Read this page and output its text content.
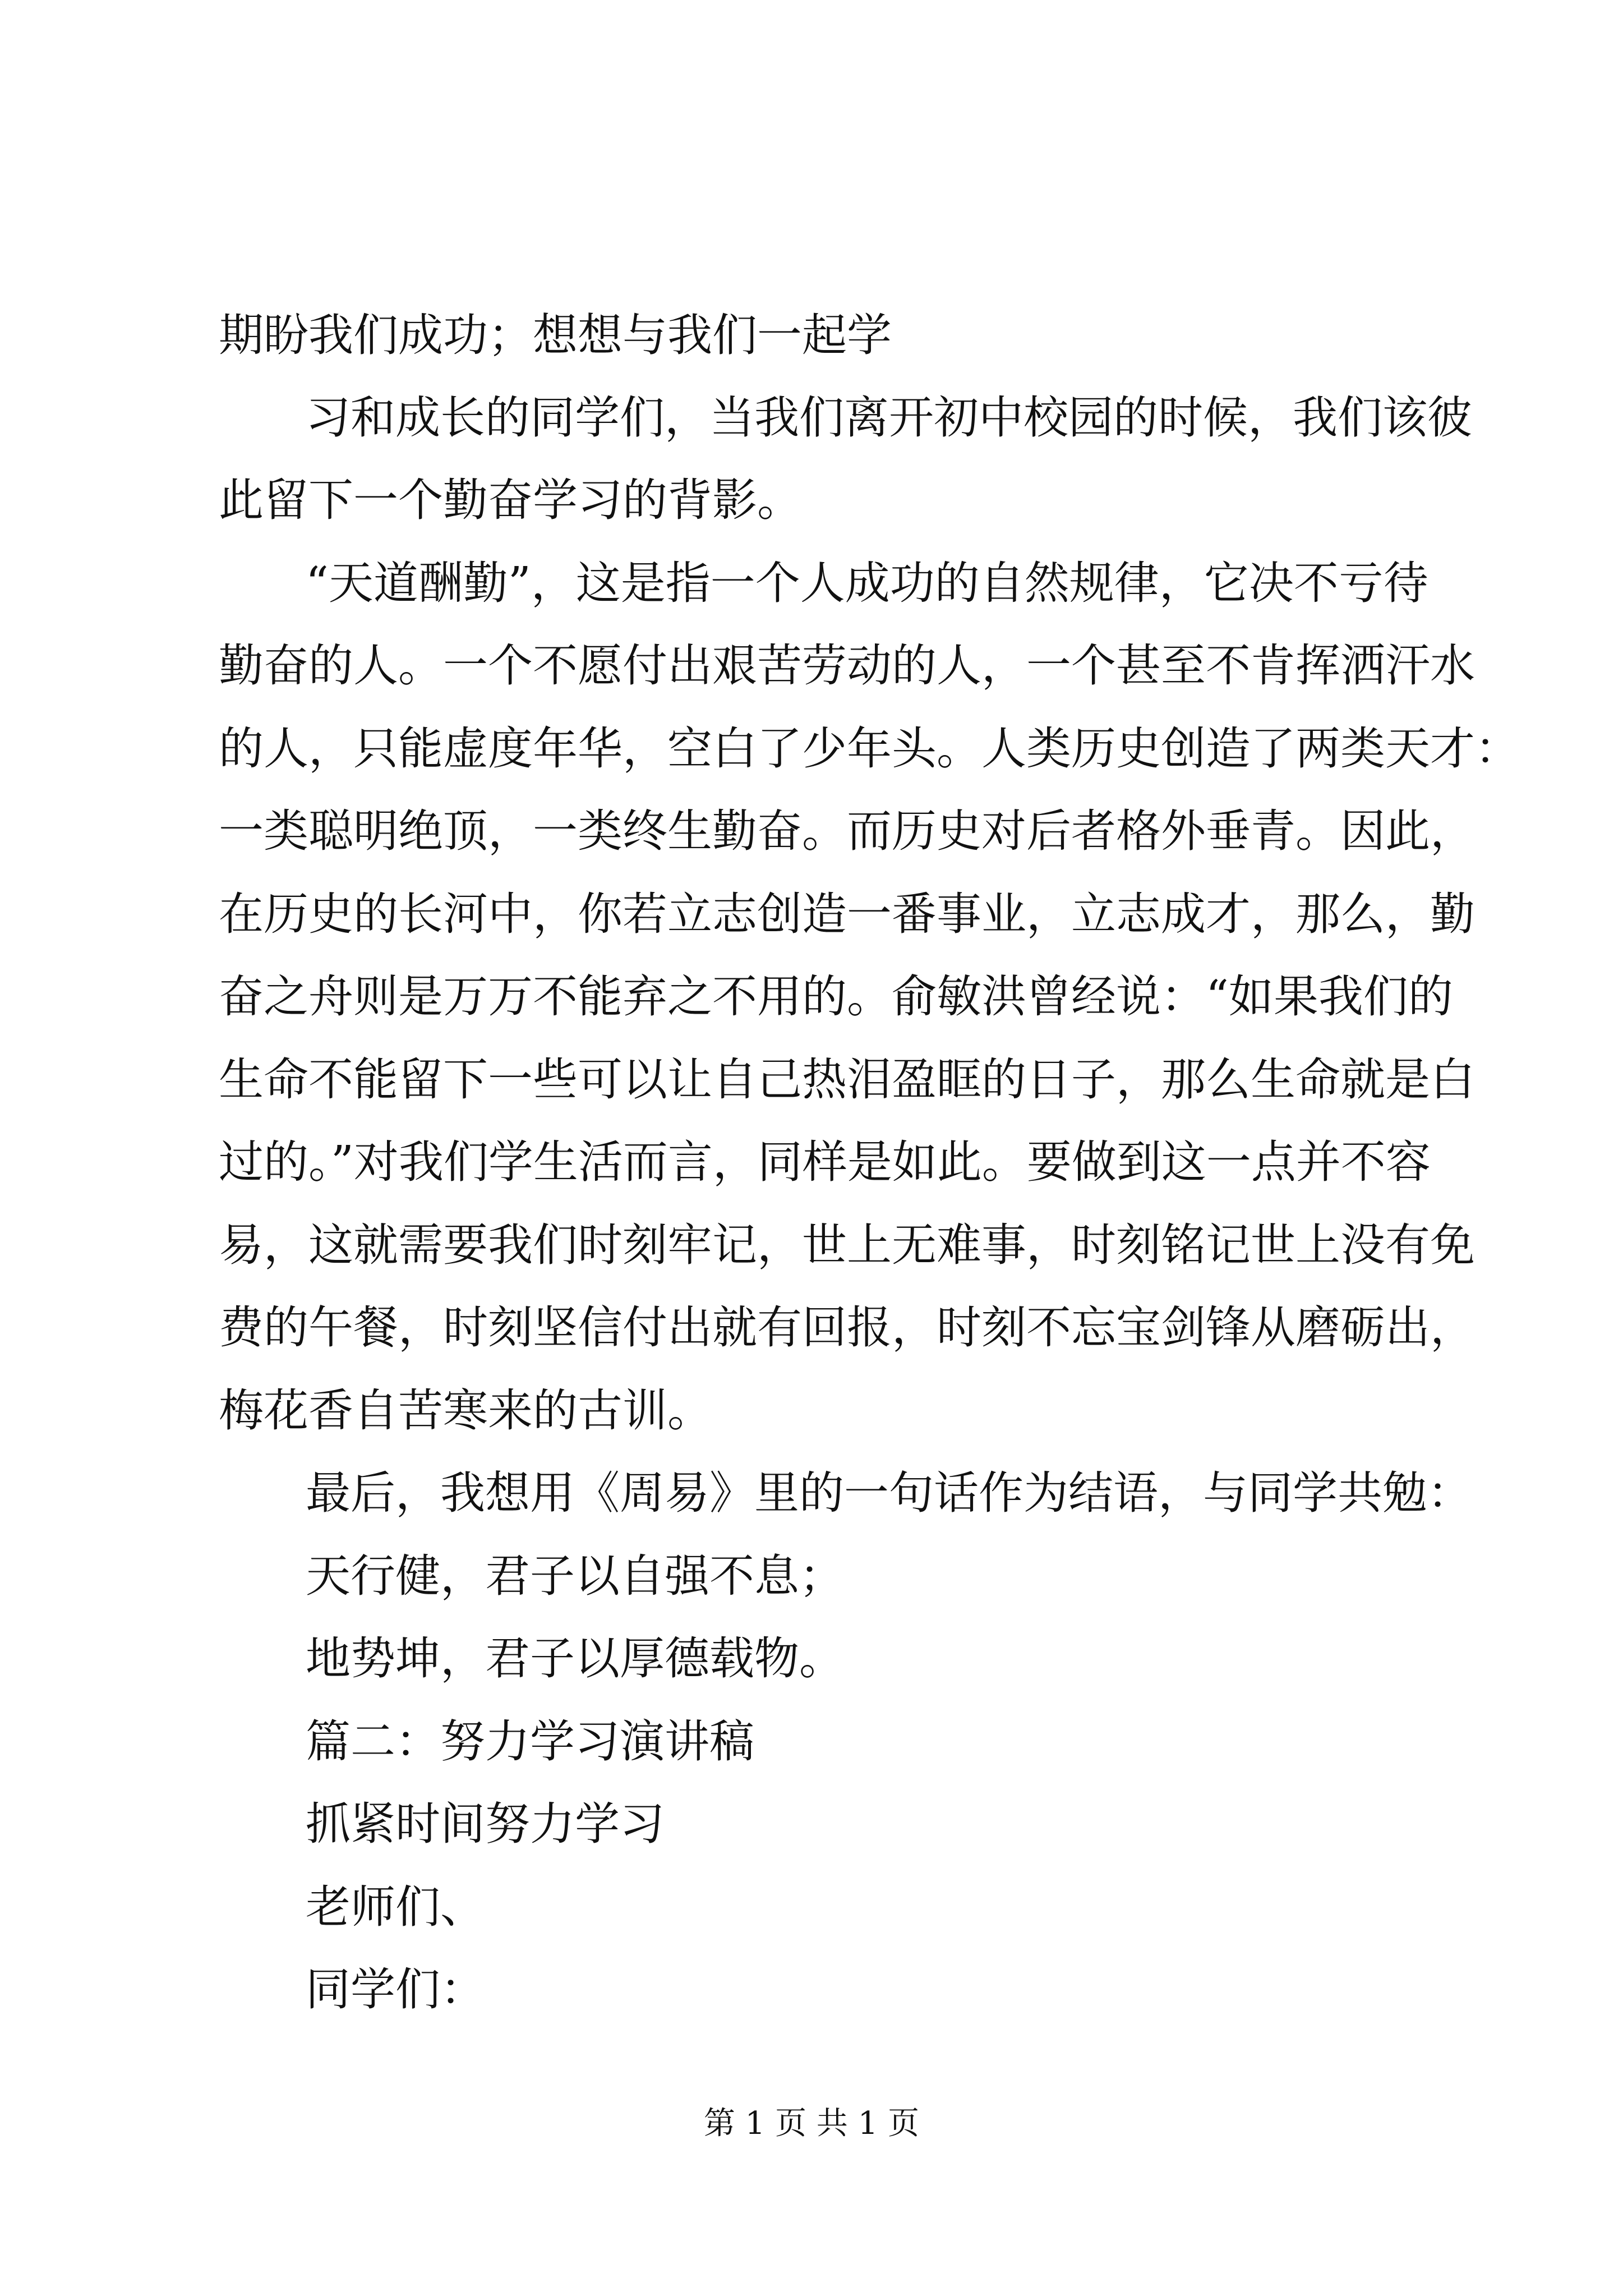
期盼我们成功；想想与我们一起学
习和成长的同学们，当我们离开初中校园的时候，我们该彼
此留下一个勤奋学习的背影。
“天道酬勤”，这是指一个人成功的自然规律，它决不亏待
勤奋的人。一个不愿付出艰苦劳动的人，一个甚至不肯挥洒汗水
的人，只能虚度年华，空白了少年头。人类历史创造了两类天才：
一类聪明绝顶，一类终生勤奋。而历史对后者格外垂青。因此，
在历史的长河中，你若立志创造一番事业，立志成才，那么，勤
奋之舟则是万万不能弃之不用的。俞敏洪曾经说：“如果我们的
生命不能留下一些可以让自己热泪盈眶的日子，那么生命就是白
过的。”对我们学生活而言，同样是如此。要做到这一点并不容
易，这就需要我们时刻牢记，世上无难事，时刻铭记世上没有免
费的午餐，时刻坚信付出就有回报，时刻不忘宝剑锋从磨砺出，
梅花香自苦寒来的古训。
最后，我想用《周易》里的一句话作为结语，与同学共勉：
天行健，君子以自强不息；
地势坤，君子以厚德载物。
篇二：努力学习演讲稿
抓紧时间努力学习
老师们、
同学们：
第 1 页 共 1 页
